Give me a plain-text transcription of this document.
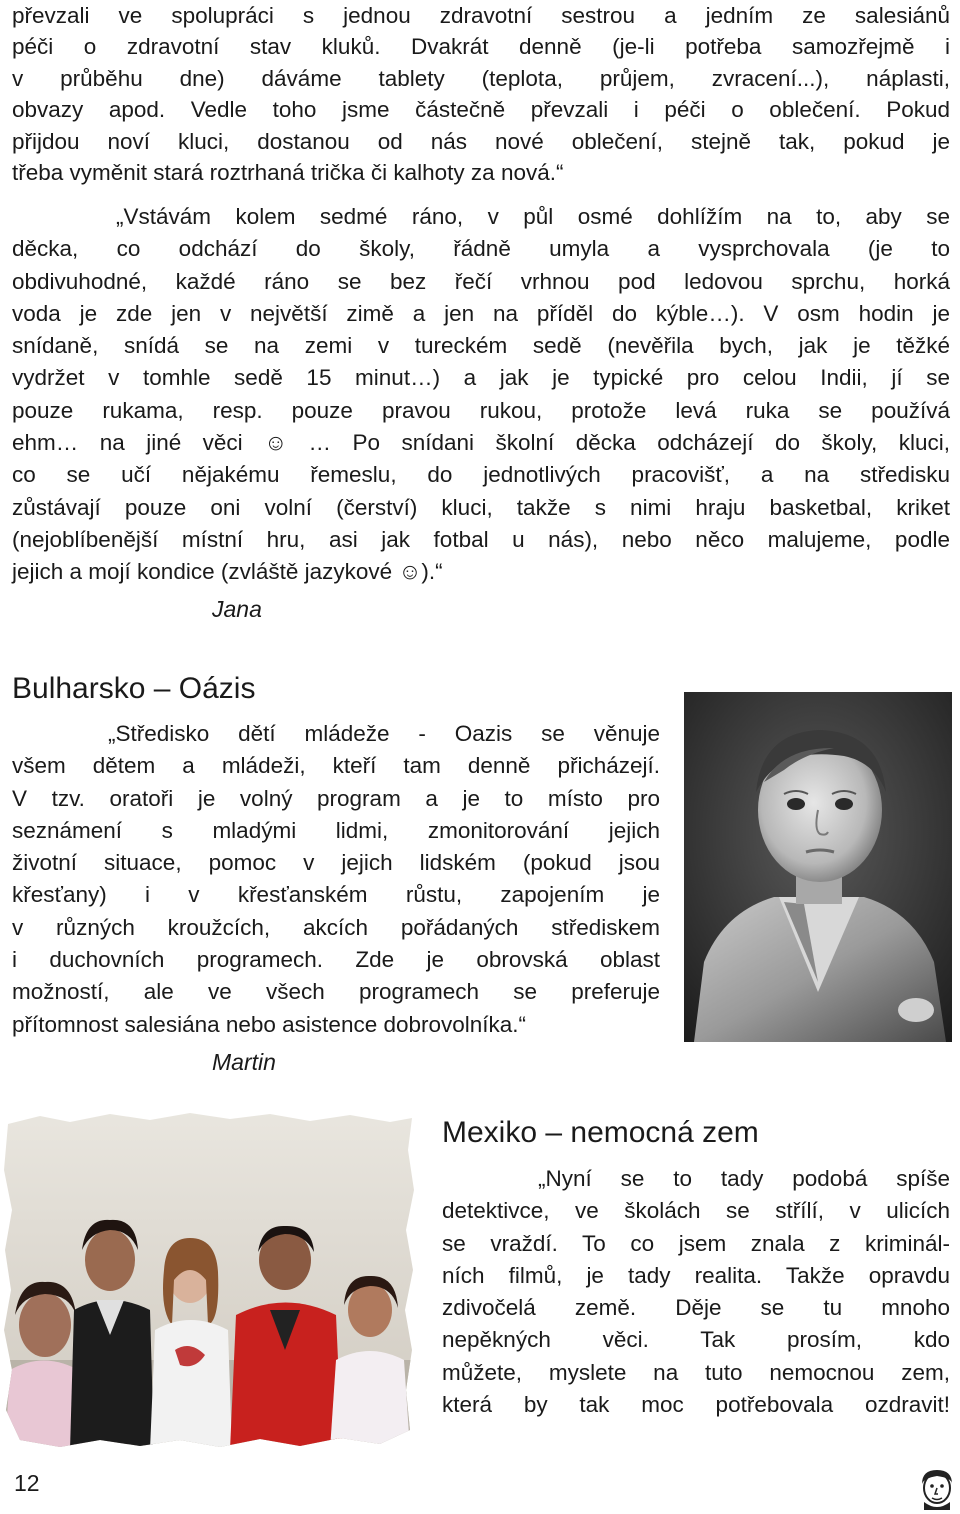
převzali ve spolupráci s jednou zdravotní sestrou a jedním ze salesiánů
péči o zdravotní stav kluků. Dvakrát denně (je-li potřeba samozřejmě i
v průběhu dne) dáváme tablety (teplota, průjem, zvracení...), náplasti,
obvazy apod. Vedle toho jsme částečně převzali i péči o oblečení. Pokud
přijdou noví kluci, dostanou od nás nové oblečení, stejně tak, pokud je
třeba vyměnit stará roztrhaná trička či kalhoty za nová.“
„Vstávám kolem sedmé ráno, v půl osmé dohlížím na to, aby se
děcka, co odchází do školy, řádně umyla a vysprchovala (je to
obdivuhodné, každé ráno se bez řečí vrhnou pod ledovou sprchu, horká
voda je zde jen v největší zimě a jen na příděl do kýble…). V osm hodin je
snídaně, snídá se na zemi v tureckém sedě (nevěřila bych, jak je těžké
vydržet v tomhle sedě 15 minut…) a jak je typické pro celou Indii, jí se
pouze rukama, resp. pouze pravou rukou, protože levá ruka se používá
ehm… na jiné věci ☺ … Po snídani školní děcka odcházejí do školy, kluci,
co se učí nějakému řemeslu, do jednotlivých pracovišť, a na středisku
zůstávají pouze oni volní (čerství) kluci, takže s nimi hraju basketbal, kriket
(nejoblíbenější místní hru, asi jak fotbal u nás), nebo něco malujeme, podle
jejich a mojí kondice (zvláště jazykové ☺).“
Jana
Bulharsko – Oázis
„Středisko dětí mládeže - Oazis se věnuje
všem dětem a mládeži, kteří tam denně přicházejí.
V tzv. oratoři je volný program a je to místo pro
seznámení s mladými lidmi, zmonitorování jejich
životní situace, pomoc v jejich lidském (pokud jsou
křesťany) i v křesťanském růstu, zapojením je
v různých kroužcích, akcích pořádaných střediskem
i duchovních programech. Zde je obrovská oblast
možností, ale ve všech programech se preferuje
přítomnost salesiána nebo asistence dobrovolníka.“
Martin
Mexiko – nemocná zem
„Nyní se to tady podobá spíše
detektivce, ve školách se střílí, v ulicích
se vraždí. To co jsem znala z kriminál-
ních filmů, je tady realita. Takže opravdu
zdivočelá země. Děje se tu mnoho
nepěkných věci. Tak prosím, kdo
můžete, myslete na tuto nemocnou zem,
která by tak moc potřebovala ozdravit!
12
